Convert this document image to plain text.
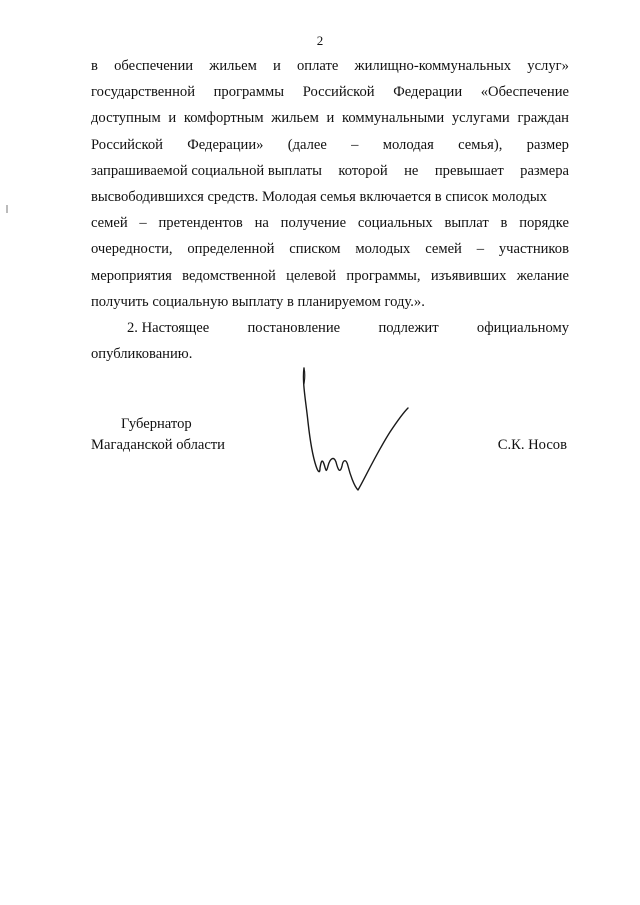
2
в обеспечении жильем и оплате жилищно-коммунальных услуг»
государственной программы Российской Федерации «Обеспечение
доступным и комфортным жильем и коммунальными услугами граждан
Российской Федерации» (далее – молодая семья), размер
запрашиваемой социальной выплаты которой не превышает размера
высвободившихся средств. Молодая семья включается в список молодых
семей – претендентов на получение социальных выплат в порядке
очередности, определенной списком молодых семей – участников
мероприятия ведомственной целевой программы, изъявивших желание
получить социальную выплату в планируемом году.».
2. Настоящее	постановление	подлежит	официальному
опубликованию.
Губернатор
Магаданской области	С.К. Носов
